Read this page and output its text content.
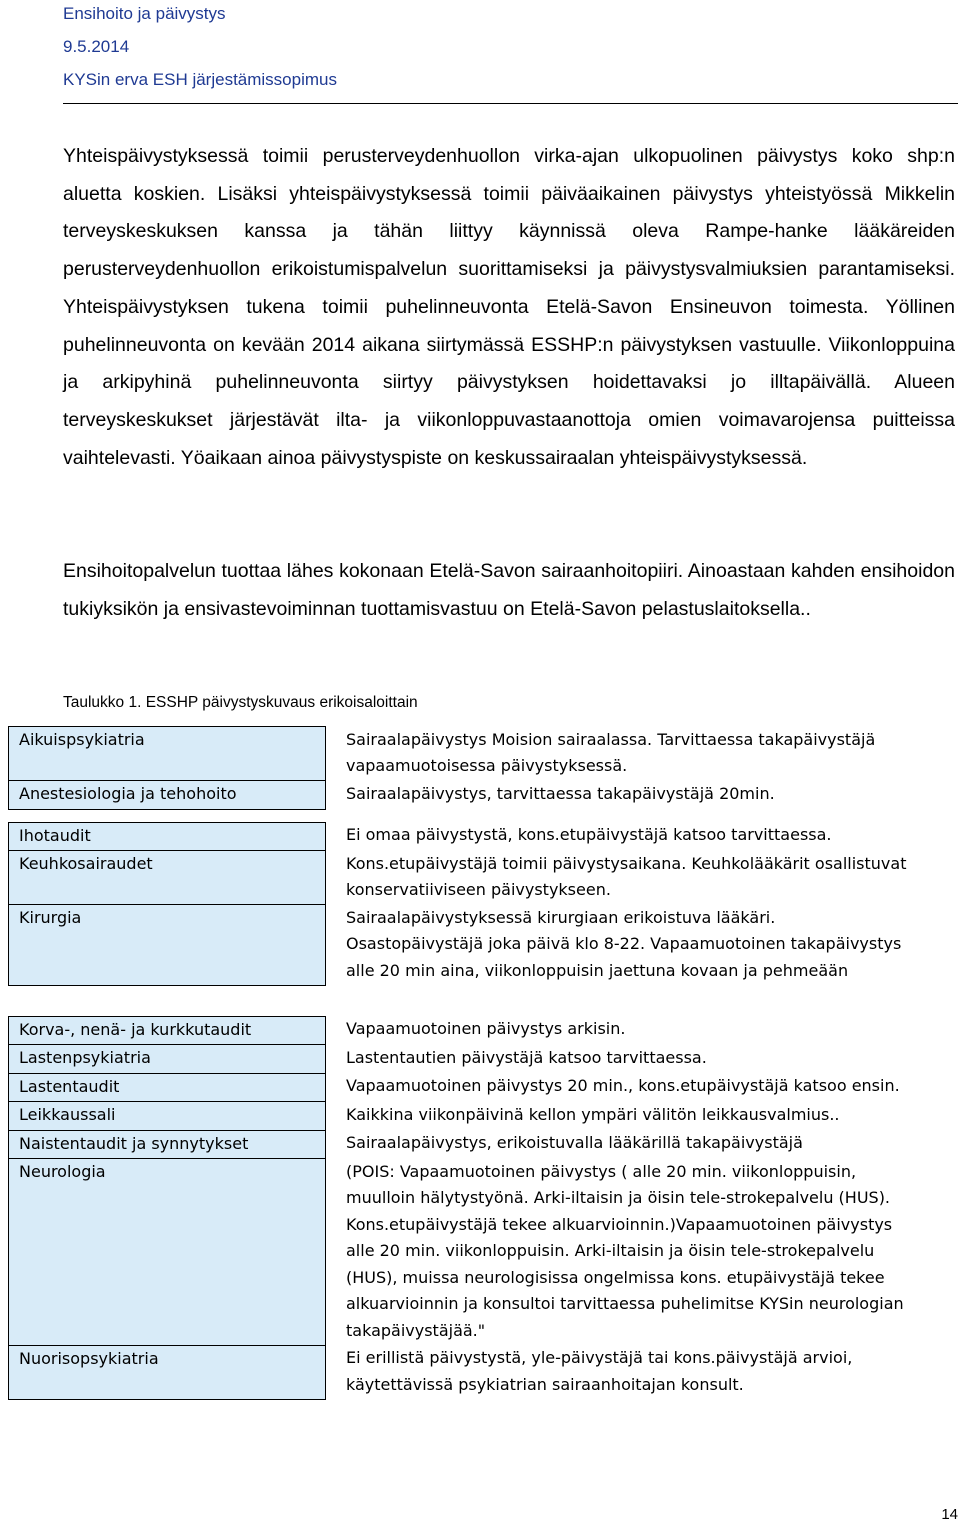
Ensihoito ja päivystys
9.5.2014
KYSin erva ESH järjestämissopimus

Yhteispäivystyksessä toimii perusterveydenhuollon virka-ajan ulkopuolinen päivystys koko shp:n aluetta koskien. Lisäksi yhteispäivystyksessä toimii päiväaikainen päivystys yhteistyössä Mikkelin terveyskeskuksen kanssa ja tähän liittyy käynnissä oleva Rampe-hanke lääkäreiden perusterveydenhuollon erikoistumispalvelun suorittamiseksi ja päivystysvalmiuksien parantamiseksi. Yhteispäivystyksen tukena toimii puhelinneuvonta Etelä-Savon Ensineuvon toimesta. Yöllinen puhelinneuvonta on kevään 2014 aikana siirtymässä ESSHP:n päivystyksen vastuulle. Viikonloppuina ja arkipyhinä puhelinneuvonta siirtyy päivystyksen hoidettavaksi jo illtapäivällä. Alueen terveyskeskukset järjestävät ilta- ja viikonloppuvastaanottoja omien voimavarojensa puitteissa vaihtelevasti. Yöaikaan ainoa päivystyspiste on keskussairaalan yhteispäivystyksessä.

Ensihoitopalvelun tuottaa lähes kokonaan Etelä-Savon sairaanhoitopiiri. Ainoastaan kahden ensihoidon tukiyksikön ja ensivastevoiminnan tuottamisvastuu on Etelä-Savon pelastuslaitoksella..

Taulukko 1. ESSHP päivystyskuvaus erikoisaloittain
Aikuispsykiatria	Sairaalapäivystys Moision sairaalassa. Tarvittaessa takapäivystäjä vapaamuotoisessa päivystyksessä.
Anestesiologia ja tehohoito	Sairaalapäivystys, tarvittaessa takapäivystäjä 20min.

Ihotaudit	Ei omaa päivystystä, kons.etupäivystäjä katsoo tarvittaessa.
Keuhkosairaudet	Kons.etupäivystäjä toimii päivystysaikana. Keuhkolääkärit osallistuvat konservatiiviseen päivystykseen.
Kirurgia	Sairaalapäivystyksessä kirurgiaan erikoistuva lääkäri. Osastopäivystäjä joka päivä klo 8-22. Vapaamuotoinen takapäivystys alle 20 min aina, viikonloppuisin jaettuna kovaan ja pehmeään

Korva-, nenä- ja kurkkutaudit	Vapaamuotoinen päivystys arkisin.
Lastenpsykiatria	Lastentautien päivystäjä katsoo tarvittaessa.
Lastentaudit	Vapaamuotoinen päivystys 20 min., kons.etupäivystäjä katsoo ensin.
Leikkaussali	Kaikkina viikonpäivinä kellon ympäri välitön leikkausvalmius..
Naistentaudit ja synnytykset	Sairaalapäivystys, erikoistuvalla lääkärillä takapäivystäjä
Neurologia	(POIS: Vapaamuotoinen päivystys ( alle 20 min. viikonloppuisin, muulloin hälytystyönä. Arki-iltaisin ja öisin tele-strokepalvelu (HUS). Kons.etupäivystäjä tekee alkuarvioinnin.)Vapaamuotoinen päivystys alle 20 min. viikonloppuisin. Arki-iltaisin ja öisin tele-strokepalvelu (HUS), muissa neurologisissa ongelmissa kons. etupäivystäjä tekee alkuarvioinnin ja konsultoi tarvittaessa puhelimitse KYSin neurologian takapäivystäjää."
Nuorisopsykiatria	Ei erillistä päivystystä, yle-päivystäjä tai kons.päivystäjä arvioi, käytettävissä psykiatrian sairaanhoitajan konsult.
14
